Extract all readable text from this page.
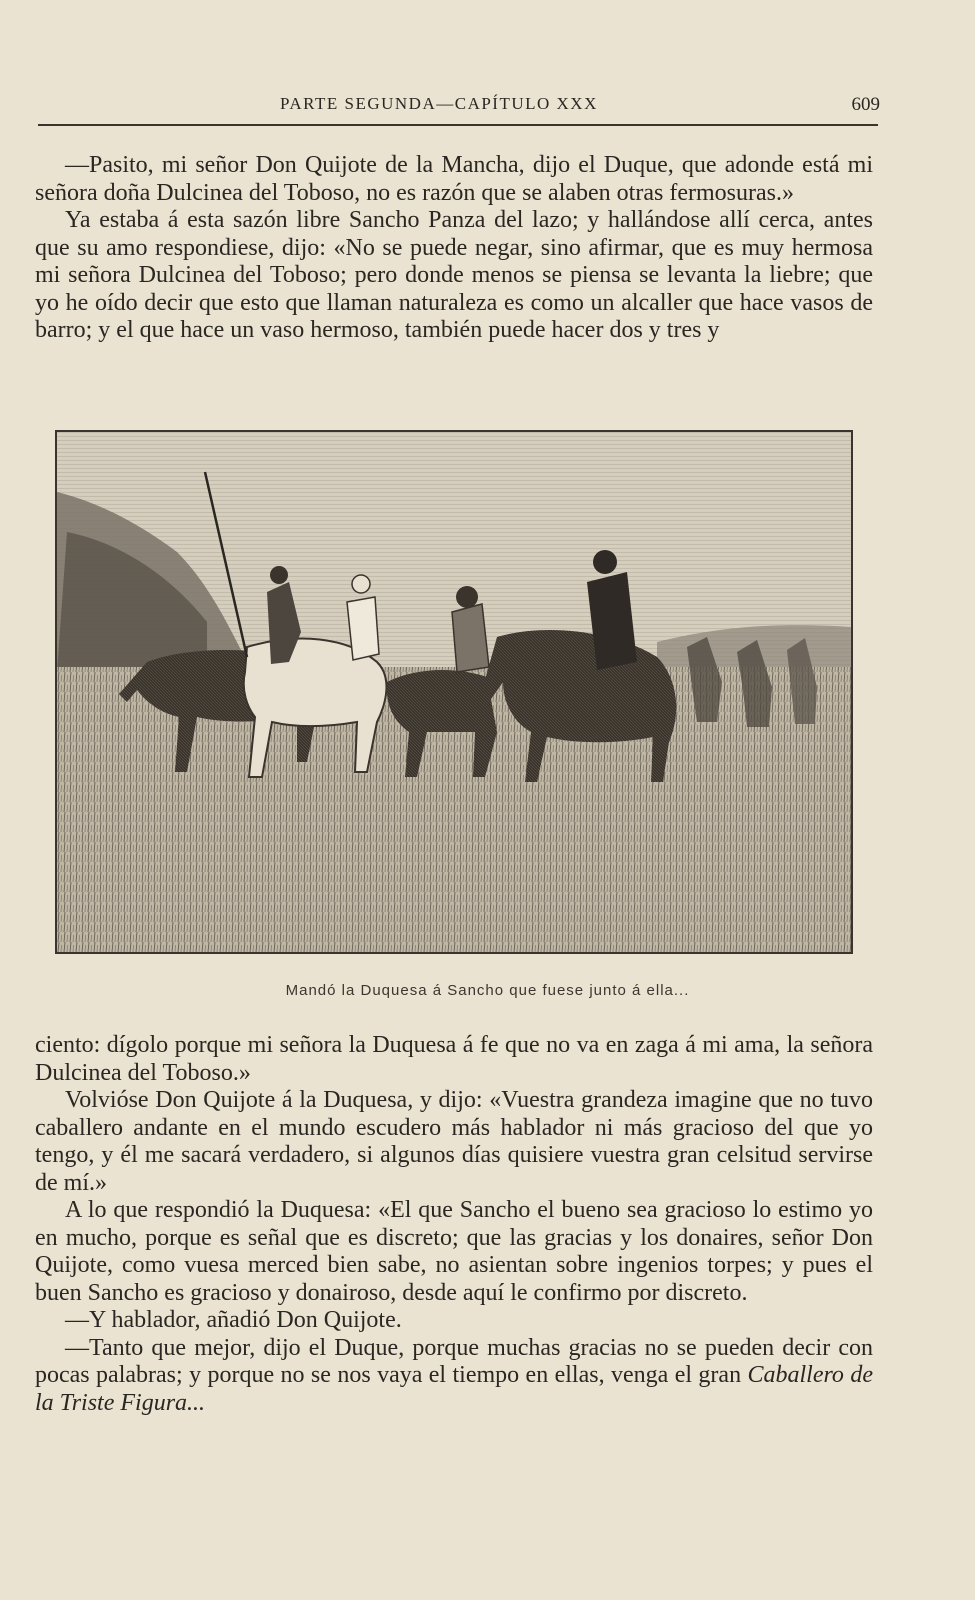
PARTE SEGUNDA—CAPÍTULO XXX	609

—Pasito, mi señor Don Quijote de la Mancha, dijo el Duque, que adonde está mi señora doña Dulcinea del Toboso, no es razón que se alaben otras fermosuras.»

Ya estaba á esta sazón libre Sancho Panza del lazo; y hallándose allí cerca, antes que su amo respondiese, dijo: «No se puede negar, sino afirmar, que es muy hermosa mi señora Dulcinea del Toboso; pero donde menos se piensa se levanta la liebre; que yo he oído decir que esto que llaman naturaleza es como un alcaller que hace vasos de barro; y el que hace un vaso hermoso, también puede hacer dos y tres y

Mandó la Duquesa á Sancho que fuese junto á ella...

ciento: dígolo porque mi señora la Duquesa á fe que no va en zaga á mi ama, la señora Dulcinea del Toboso.»

Volvióse Don Quijote á la Duquesa, y dijo: «Vuestra grandeza imagine que no tuvo caballero andante en el mundo escudero más hablador ni más gracioso del que yo tengo, y él me sacará verdadero, si algunos días quisiere vuestra gran celsitud servirse de mí.»

A lo que respondió la Duquesa: «El que Sancho el bueno sea gracioso lo estimo yo en mucho, porque es señal que es discreto; que las gracias y los donaires, señor Don Quijote, como vuesa merced bien sabe, no asientan sobre ingenios torpes; y pues el buen Sancho es gracioso y donairoso, desde aquí le confirmo por discreto.

—Y hablador, añadió Don Quijote.

—Tanto que mejor, dijo el Duque, porque muchas gracias no se pueden decir con pocas palabras; y porque no se nos vaya el tiempo en ellas, venga el gran Caballero de la Triste Figura...
